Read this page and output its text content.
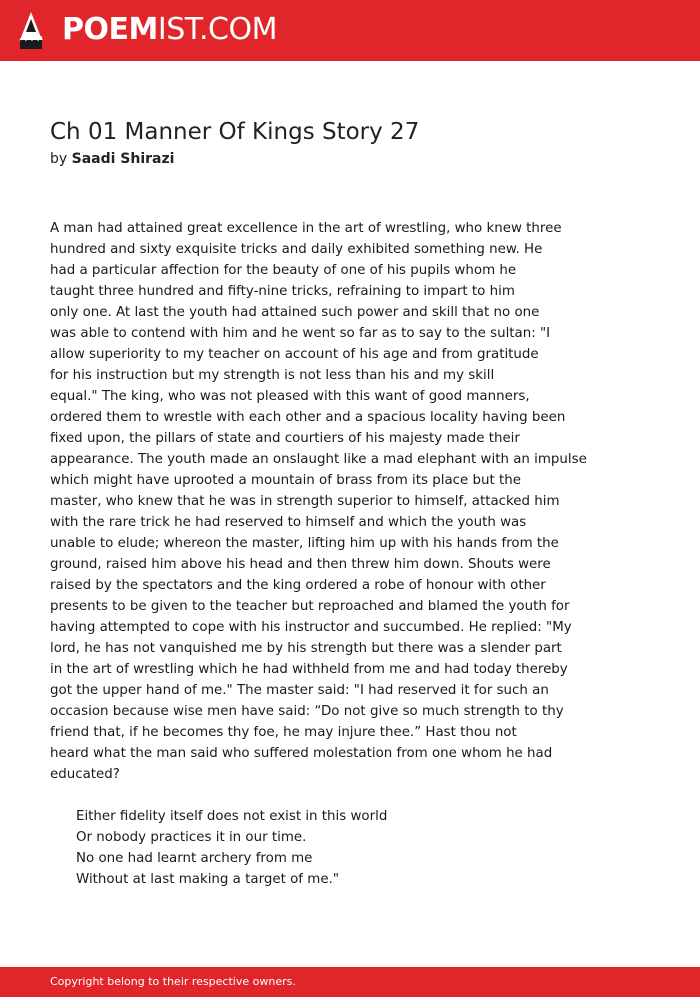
POEMIST.COM
Ch 01 Manner Of Kings Story 27
by Saadi Shirazi
A man had attained great excellence in the art of wrestling, who knew three
hundred and sixty exquisite tricks and daily exhibited something new. He
had a particular affection for the beauty of one of his pupils whom he
taught three hundred and fifty-nine tricks, refraining to impart to him
only one. At last the youth had attained such power and skill that no one
was able to contend with him and he went so far as to say to the sultan: "I
allow superiority to my teacher on account of his age and from gratitude
for his instruction but my strength is not less than his and my skill
equal." The king, who was not pleased with this want of good manners,
ordered them to wrestle with each other and a spacious locality having been
fixed upon, the pillars of state and courtiers of his majesty made their
appearance. The youth made an onslaught like a mad elephant with an impulse
which might have uprooted a mountain of brass from its place but the
master, who knew that he was in strength superior to himself, attacked him
with the rare trick he had reserved to himself and which the youth was
unable to elude; whereon the master, lifting him up with his hands from the
ground, raised him above his head and then threw him down. Shouts were
raised by the spectators and the king ordered a robe of honour with other
presents to be given to the teacher but reproached and blamed the youth for
having attempted to cope with his instructor and succumbed. He replied: "My
lord, he has not vanquished me by his strength but there was a slender part
in the art of wrestling which he had withheld from me and had today thereby
got the upper hand of me." The master said: "I had reserved it for such an
occasion because wise men have said: “Do not give so much strength to thy
friend that, if he becomes thy foe, he may injure thee.” Hast thou not
heard what the man said who suffered molestation from one whom he had
educated?
Either fidelity itself does not exist in this world
Or nobody practices it in our time.
No one had learnt archery from me
Without at last making a target of me."
Copyright belong to their respective owners.
